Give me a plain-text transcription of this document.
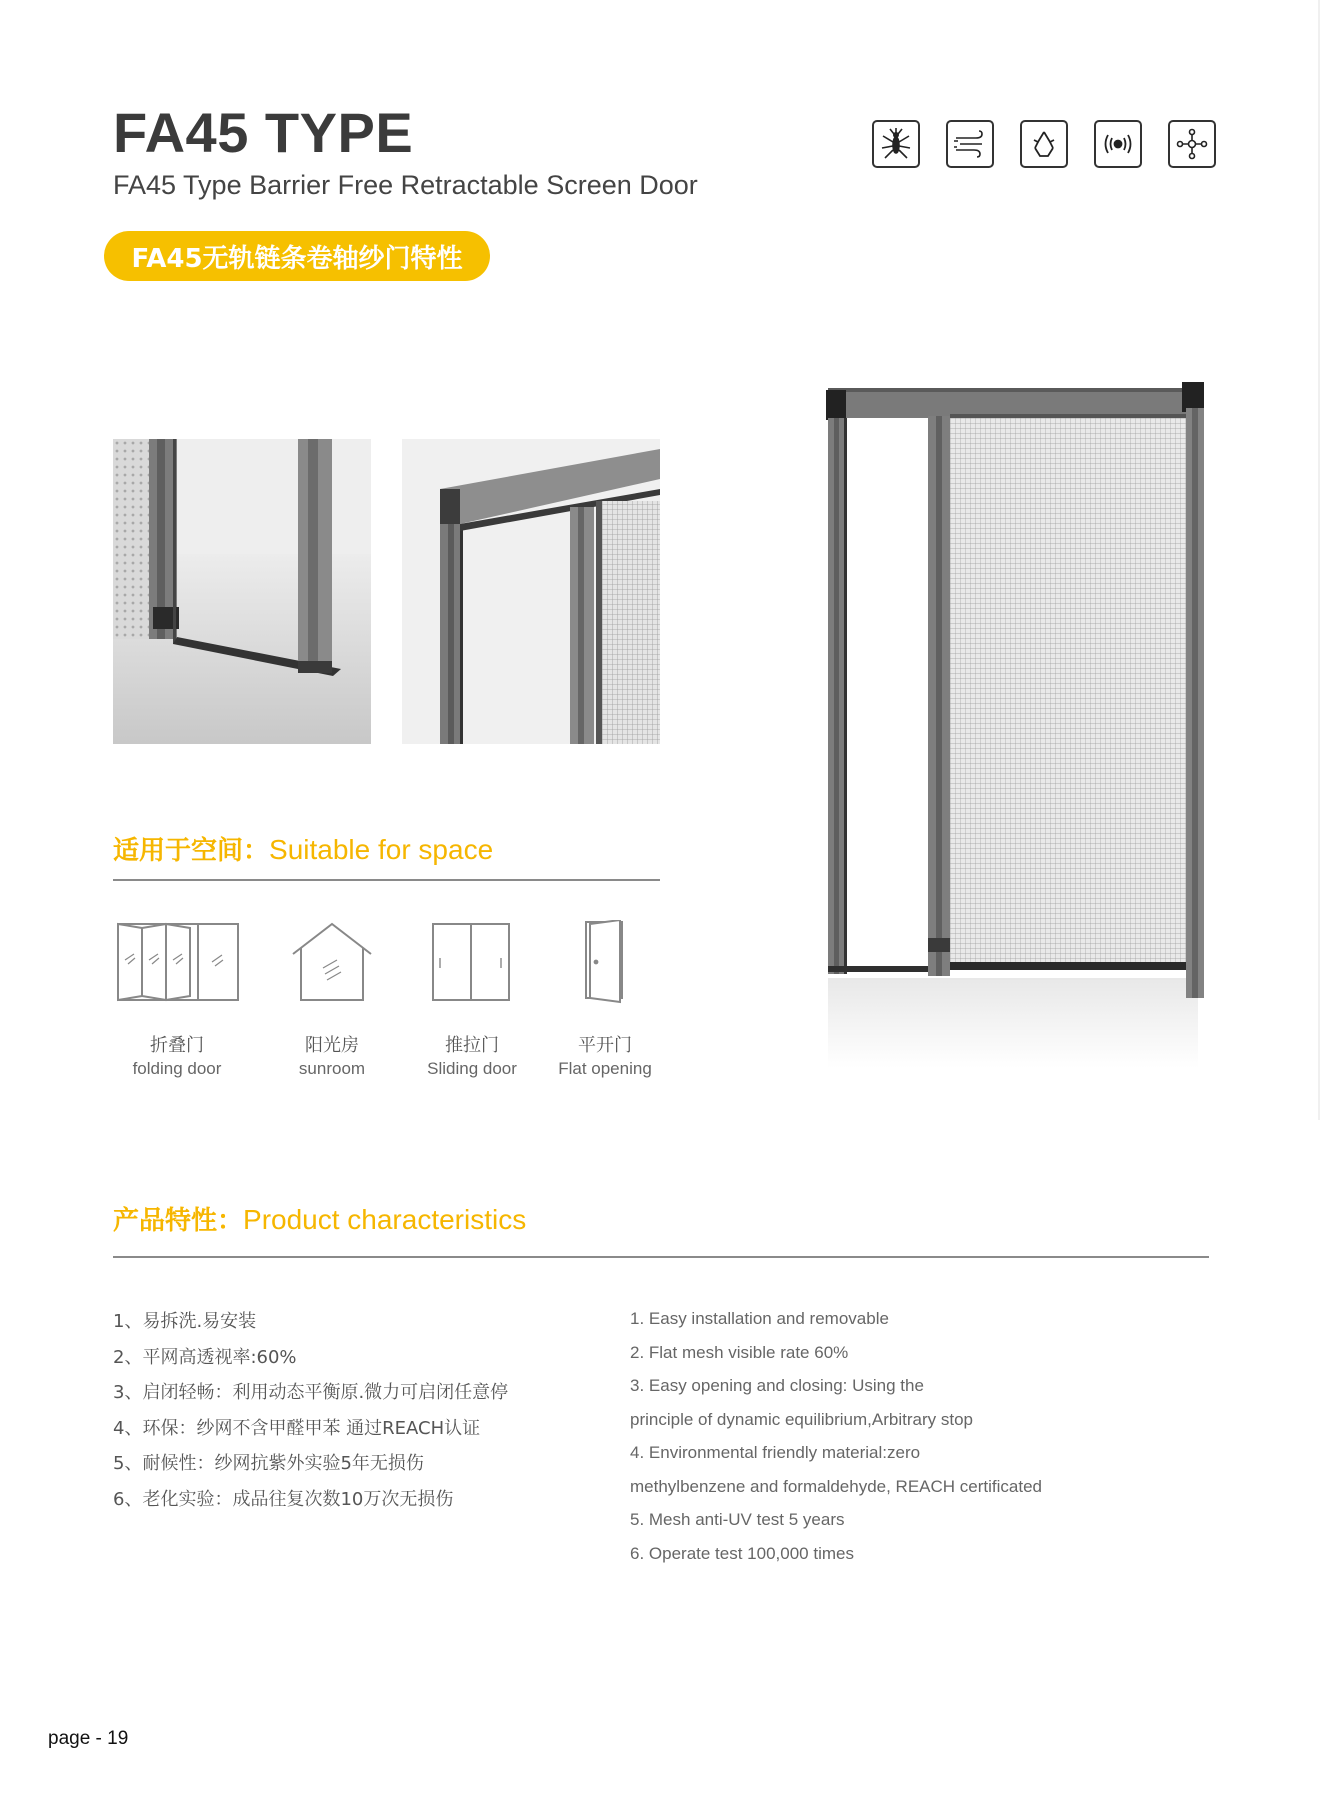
FA45 TYPE
FA45 Type Barrier Free Retractable Screen Door
FA45无轨链条卷轴纱门特性
适用于空间：Suitable for space
折叠门
folding door
阳光房
sunroom
推拉门
Sliding door
平开门
Flat opening
产品特性：Product characteristics
1、易拆洗.易安装
2、平网高透视率:60%
3、启闭轻畅：利用动态平衡原.微力可启闭任意停
4、环保：纱网不含甲醛甲苯 通过REACH认证
5、耐候性：纱网抗紫外实验5年无损伤
6、老化实验：成品往复次数10万次无损伤
1. Easy installation and removable
2. Flat mesh visible rate 60%
3. Easy opening and closing: Using the
principle of dynamic equilibrium,Arbitrary stop
4. Environmental friendly material:zero
methylbenzene and formaldehyde, REACH certificated
5. Mesh anti-UV test 5 years
6. Operate test 100,000 times
page - 19
